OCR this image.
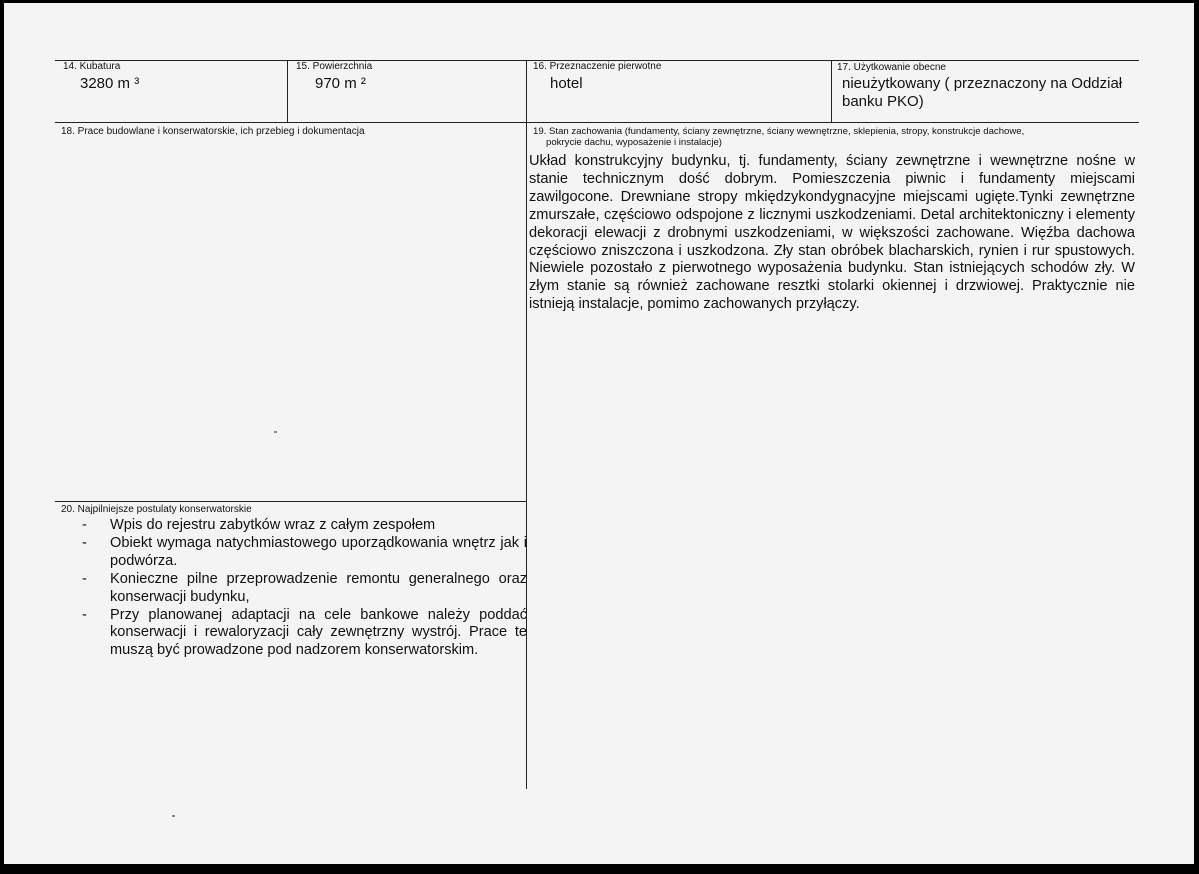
14. Kubatura
3280 m ³
15. Powierzchnia
970 m ²
16. Przeznaczenie pierwotne
hotel
17. Użytkowanie obecne
nieużytkowany ( przeznaczony na Oddział
banku PKO)
18. Prace budowlane i konserwatorskie, ich przebieg i dokumentacja	19. Stan zachowania (fundamenty, ściany zewnętrzne, ściany wewnętrzne, sklepienia, stropy, konstrukcje dachowe,
pokrycie dachu, wyposażenie i instalacje)
Układ konstrukcyjny budynku, tj. fundamenty, ściany zewnętrzne i wewnętrzne nośne w stanie technicznym dość dobrym. Pomieszczenia piwnic i fundamenty miejscami zawilgocone. Drewniane stropy mkiędzykondygnacyjne miejscami ugięte.Tynki zewnętrzne zmurszałe, częściowo odspojone z licznymi uszkodzeniami. Detal architektoniczny i elementy dekoracji elewacji z drobnymi uszkodzeniami, w większości zachowane. Więźba dachowa częściowo zniszczona i uszkodzona. Zły stan obróbek blacharskich, rynien i rur spustowych. Niewiele pozostało z pierwotnego wyposażenia budynku. Stan istniejących schodów zły. W złym stanie są również zachowane resztki stolarki okiennej i drzwiowej. Praktycznie nie istnieją instalacje, pomimo zachowanych przyłączy.
20. Najpilniejsze postulaty konserwatorskie
- Wpis do rejestru zabytków wraz z całym zespołem
- Obiekt wymaga natychmiastowego uporządkowania wnętrz jak i podwórza.
- Konieczne pilne przeprowadzenie remontu generalnego oraz konserwacji budynku,
- Przy planowanej adaptacji na cele bankowe należy poddać konserwacji i rewaloryzacji cały zewnętrzny wystrój. Prace te muszą być prowadzone pod nadzorem konserwatorskim.
